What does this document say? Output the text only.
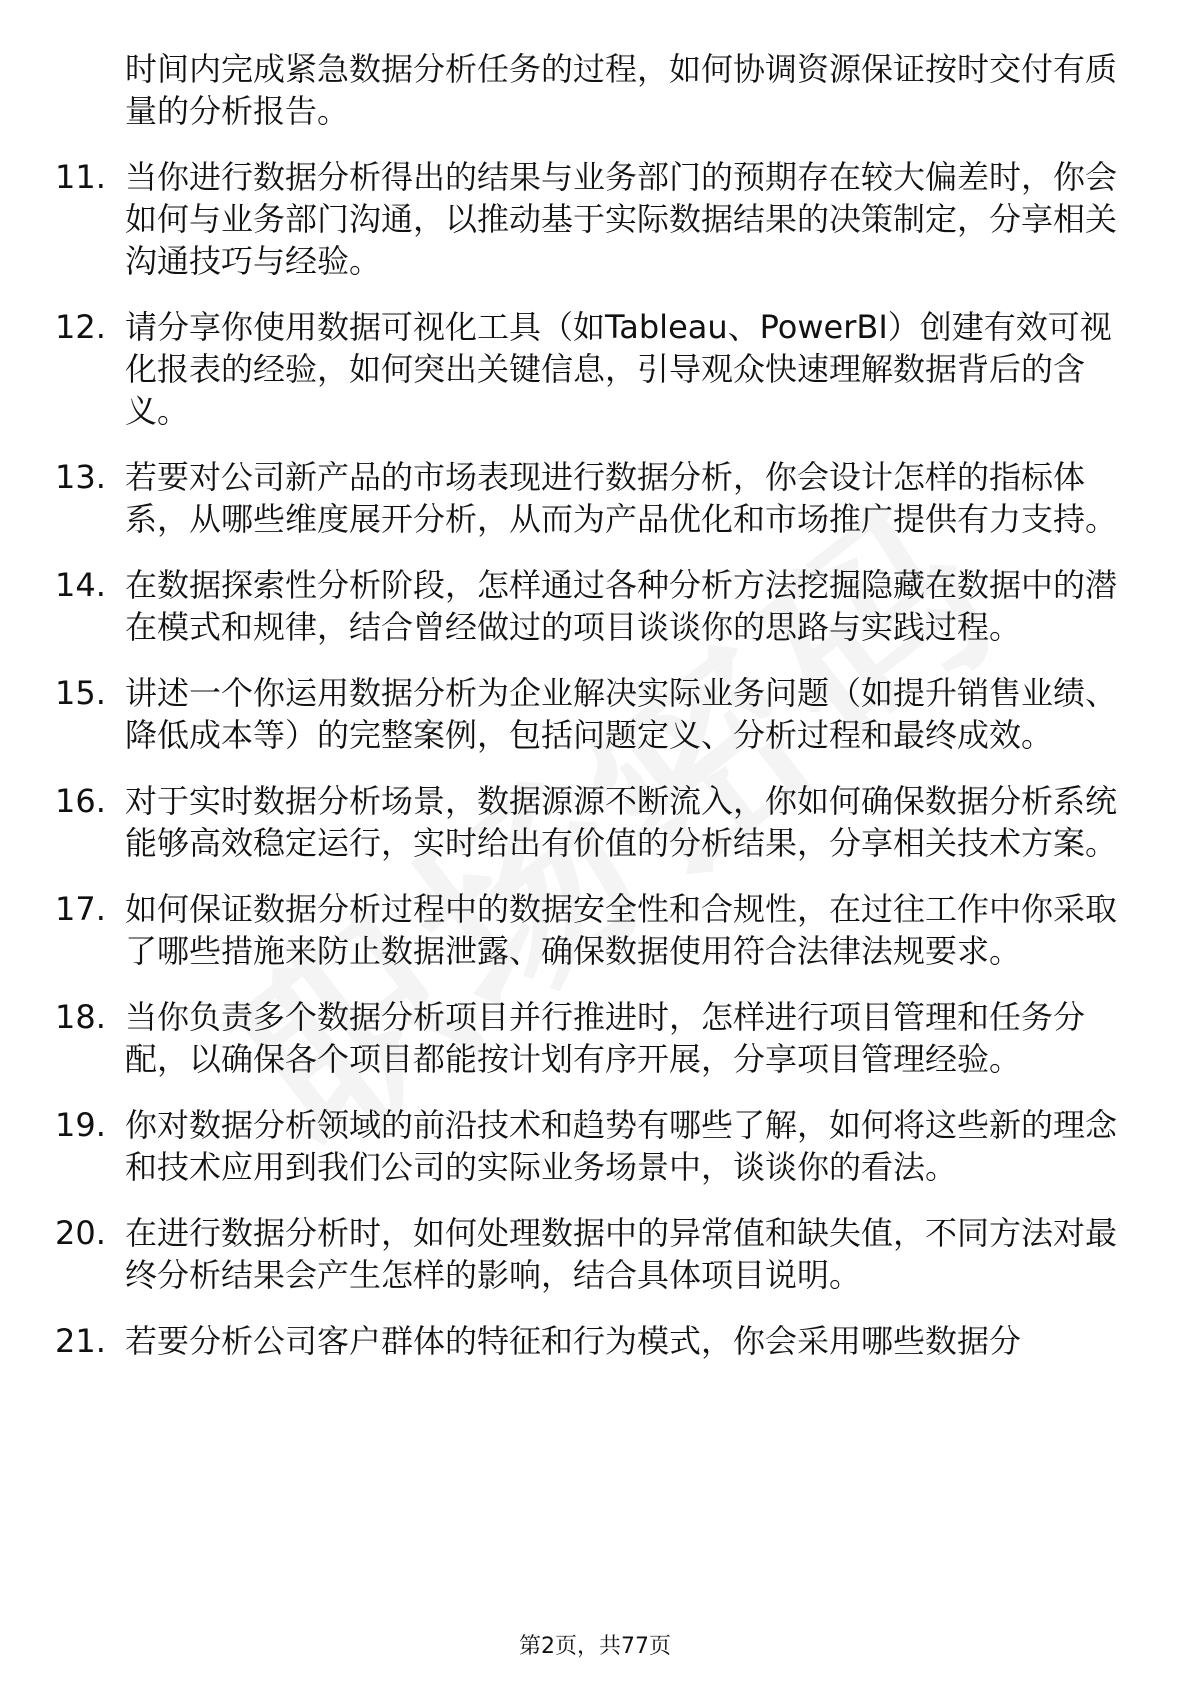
时间内完成紧急数据分析任务的过程，如何协调资源保证按时交付有质量的分析报告。
11. 当你进行数据分析得出的结果与业务部门的预期存在较大偏差时，你会如何与业务部门沟通，以推动基于实际数据结果的决策制定，分享相关沟通技巧与经验。
12. 请分享你使用数据可视化工具（如Tableau、PowerBI）创建有效可视化报表的经验，如何突出关键信息，引导观众快速理解数据背后的含义。
13. 若要对公司新产品的市场表现进行数据分析，你会设计怎样的指标体系，从哪些维度展开分析，从而为产品优化和市场推广提供有力支持。
14. 在数据探索性分析阶段，怎样通过各种分析方法挖掘隐藏在数据中的潜在模式和规律，结合曾经做过的项目谈谈你的思路与实践过程。
15. 讲述一个你运用数据分析为企业解决实际业务问题（如提升销售业绩、降低成本等）的完整案例，包括问题定义、分析过程和最终成效。
16. 对于实时数据分析场景，数据源源不断流入，你如何确保数据分析系统能够高效稳定运行，实时给出有价值的分析结果，分享相关技术方案。
17. 如何保证数据分析过程中的数据安全性和合规性，在过往工作中你采取了哪些措施来防止数据泄露、确保数据使用符合法律法规要求。
18. 当你负责多个数据分析项目并行推进时，怎样进行项目管理和任务分配，以确保各个项目都能按计划有序开展，分享项目管理经验。
19. 你对数据分析领域的前沿技术和趋势有哪些了解，如何将这些新的理念和技术应用到我们公司的实际业务场景中，谈谈你的看法。
20. 在进行数据分析时，如何处理数据中的异常值和缺失值，不同方法对最终分析结果会产生怎样的影响，结合具体项目说明。
21. 若要分析公司客户群体的特征和行为模式，你会采用哪些数据分
第2页，共77页
